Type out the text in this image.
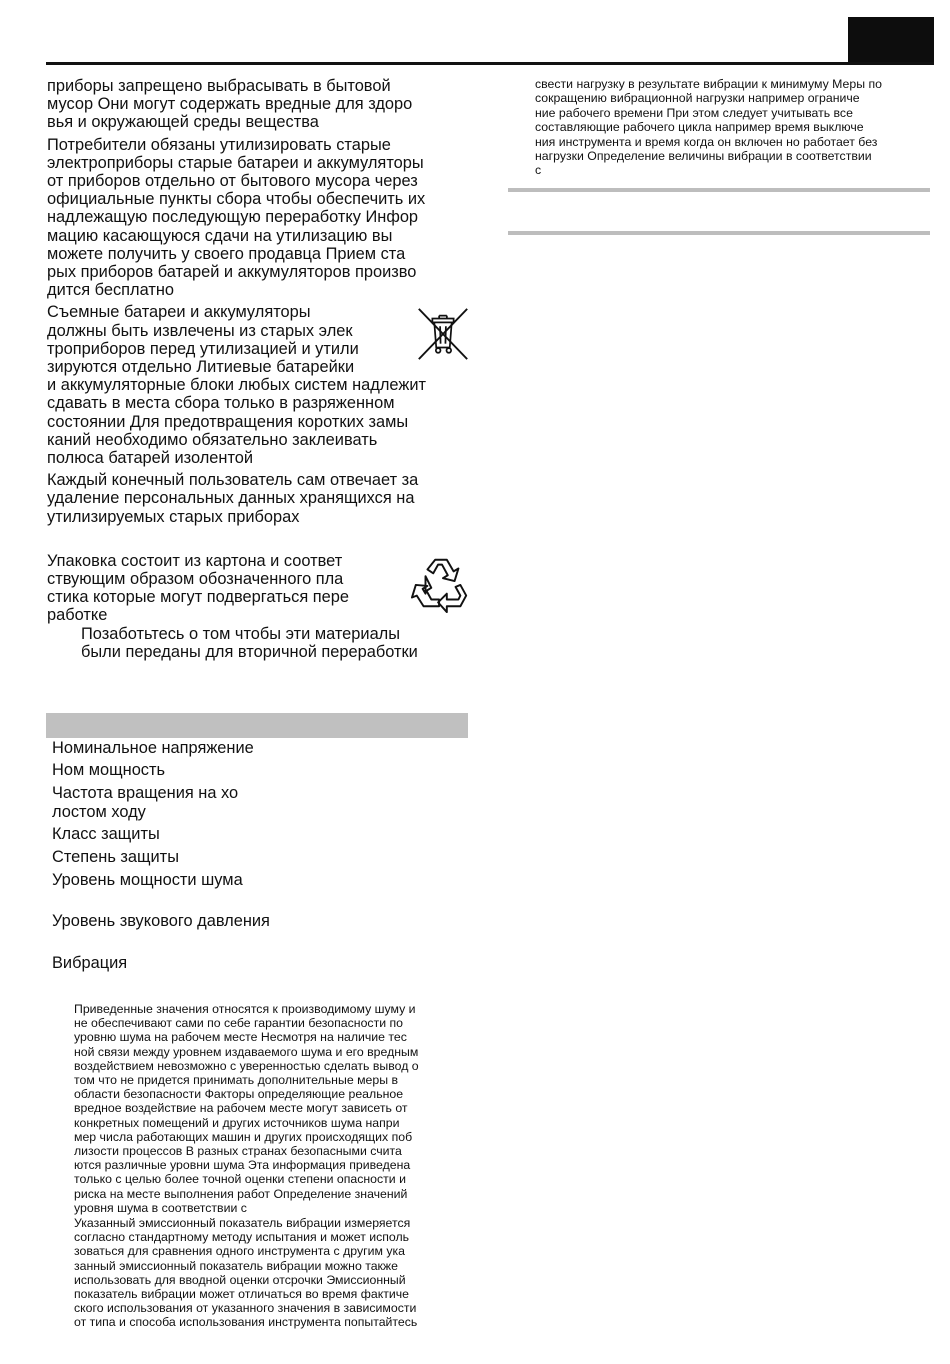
приборы запрещено выбрасывать в бытовой
мусор Они могут содержать вредные для здоро
вья и окружающей среды вещества
Потребители обязаны утилизировать старые
электроприборы старые батареи и аккумуляторы
от приборов отдельно от бытового мусора через
официальные пункты сбора чтобы обеспечить их
надлежащую последующую переработку Инфор
мацию касающуюся сдачи на утилизацию вы
можете получить у своего продавца Прием ста
рых приборов батарей и аккумуляторов произво
дится бесплатно
Съемные батареи и аккумуляторы
должны быть извлечены из старых элек
троприборов перед утилизацией и утили
зируются отдельно Литиевые батарейки
и аккумуляторные блоки любых систем надлежит
сдавать в места сбора только в разряженном
состоянии Для предотвращения коротких замы
каний необходимо обязательно заклеивать
полюса батарей изолентой
Каждый конечный пользователь сам отвечает за
удаление персональных данных хранящихся на
утилизируемых старых приборах
Упаковка состоит из картона и соответ
ствующим образом обозначенного пла
стика которые могут подвергаться пере
работке
Позаботьтесь о том чтобы эти материалы
были переданы для вторичной переработки
Номинальное напряжение
Ном мощность
Частота вращения на хо
лостом ходу
Класс защиты
Степень защиты
Уровень мощности шума
Уровень звукового давления
Вибрация
Приведенные значения относятся к производимому шуму и
не обеспечивают сами по себе гарантии безопасности по
уровню шума на рабочем месте Несмотря на наличие тес
ной связи между уровнем издаваемого шума и его вредным
воздействием невозможно с уверенностью сделать вывод о
том что не придется принимать дополнительные меры в
области безопасности Факторы определяющие реальное
вредное воздействие на рабочем месте могут зависеть от
конкретных помещений и других источников шума напри
мер числа работающих машин и других происходящих поб
лизости процессов В разных странах безопасными счита
ются различные уровни шума Эта информация приведена
только с целью более точной оценки степени опасности и
риска на месте выполнения работ Определение значений
уровня шума в соответствии с
Указанный эмиссионный показатель вибрации измеряется
согласно стандартному методу испытания и может исполь
зоваться для сравнения одного инструмента с другим ука
занный эмиссионный показатель вибрации можно также
использовать для вводной оценки отсрочки Эмиссионный
показатель вибрации может отличаться во время фактиче
ского использования от указанного значения в зависимости
от типа и способа использования инструмента попытайтесь
свести нагрузку в результате вибрации к минимуму Меры по
сокращению вибрационной нагрузки например ограниче
ние рабочего времени При этом следует учитывать все
составляющие рабочего цикла например время выключе
ния инструмента и время когда он включен но работает без
нагрузки Определение величины вибрации в соответствии
с
